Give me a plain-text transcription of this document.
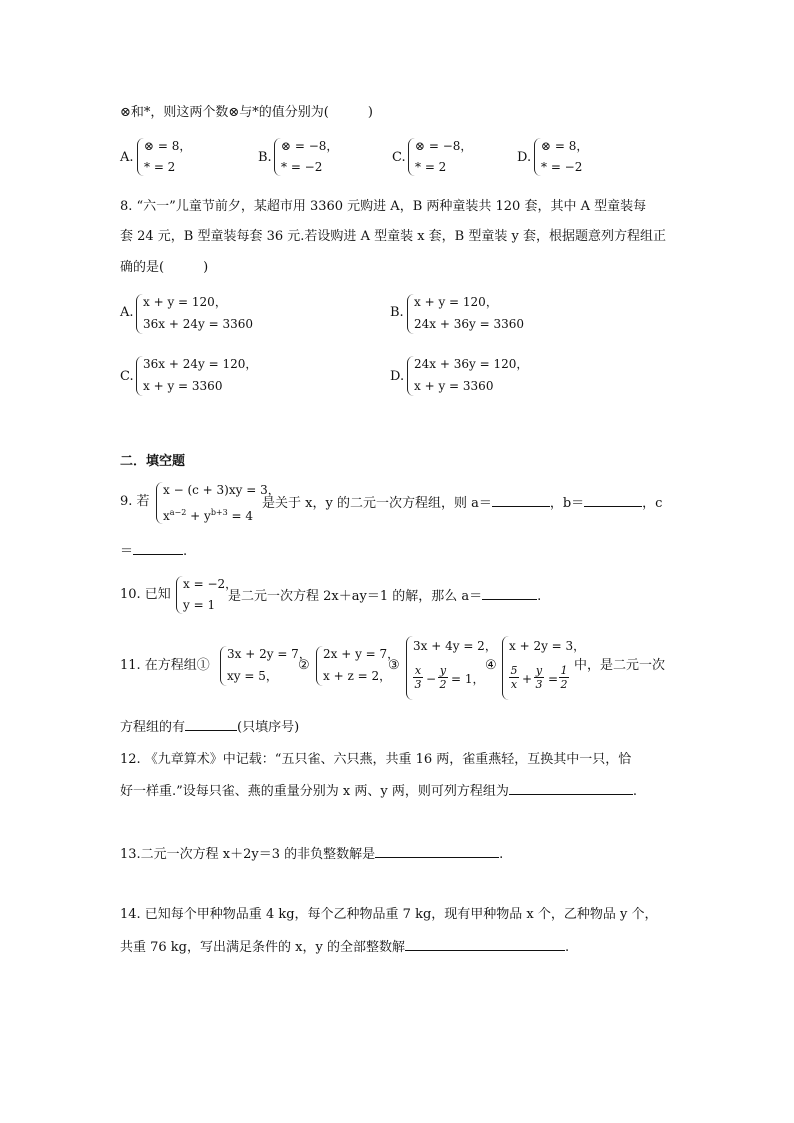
⊗和*，则这两个数⊗与*的值分别为(　　　)
A.
⊗ = 8，
* = 2
B.
⊗ = −8，
* = −2
C.
⊗ = −8，
* = 2
D.
⊗ = 8，
* = −2
8. “六一”儿童节前夕，某超市用 3360 元购进 A，B 两种童装共 120 套，其中 A 型童装每
套 24 元，B 型童装每套 36 元.若设购进 A 型童装 x 套，B 型童装 y 套，根据题意列方程组正
确的是(　　　)
A.
x + y = 120，
36x + 24y = 3360
B.
x + y = 120，
24x + 36y = 3360
C.
36x + 24y = 120，
x + y = 3360
D.
24x + 36y = 120，
x + y = 3360
二．填空题
9. 若
x − (c + 3)xy = 3，
$x^{a-2} + y^{b+3} = 4$
是关于 x，y 的二元一次方程组，则 a＝	，b＝	，c
＝	.
10. 已知
x = −2，
y = 1
是二元一次方程 2x＋ay＝1 的解，那么 a＝	.
11. 在方程组①
3x + 2y = 7，
xy = 5，
②
2x + y = 7，
x + z = 2，
③
3x + 4y = 2，
$\frac{x}{3} - \frac{y}{2} = 1$，
④
x + 2y = 3，
$\frac{5}{x} + \frac{y}{3} = \frac{1}{2}$ 中，是二元一次
方程组的有	(只填序号)
12. 《九章算术》中记载：“五只雀、六只燕，共重 16 两，雀重燕轻，互换其中一只，恰
好一样重.”设每只雀、燕的重量分别为 x 两、y 两，则可列方程组为	.
13.二元一次方程 x＋2y＝3 的非负整数解是	.
14. 已知每个甲种物品重 4 kg，每个乙种物品重 7 kg，现有甲种物品 x 个，乙种物品 y 个，
共重 76 kg，写出满足条件的 x，y 的全部整数解	.
